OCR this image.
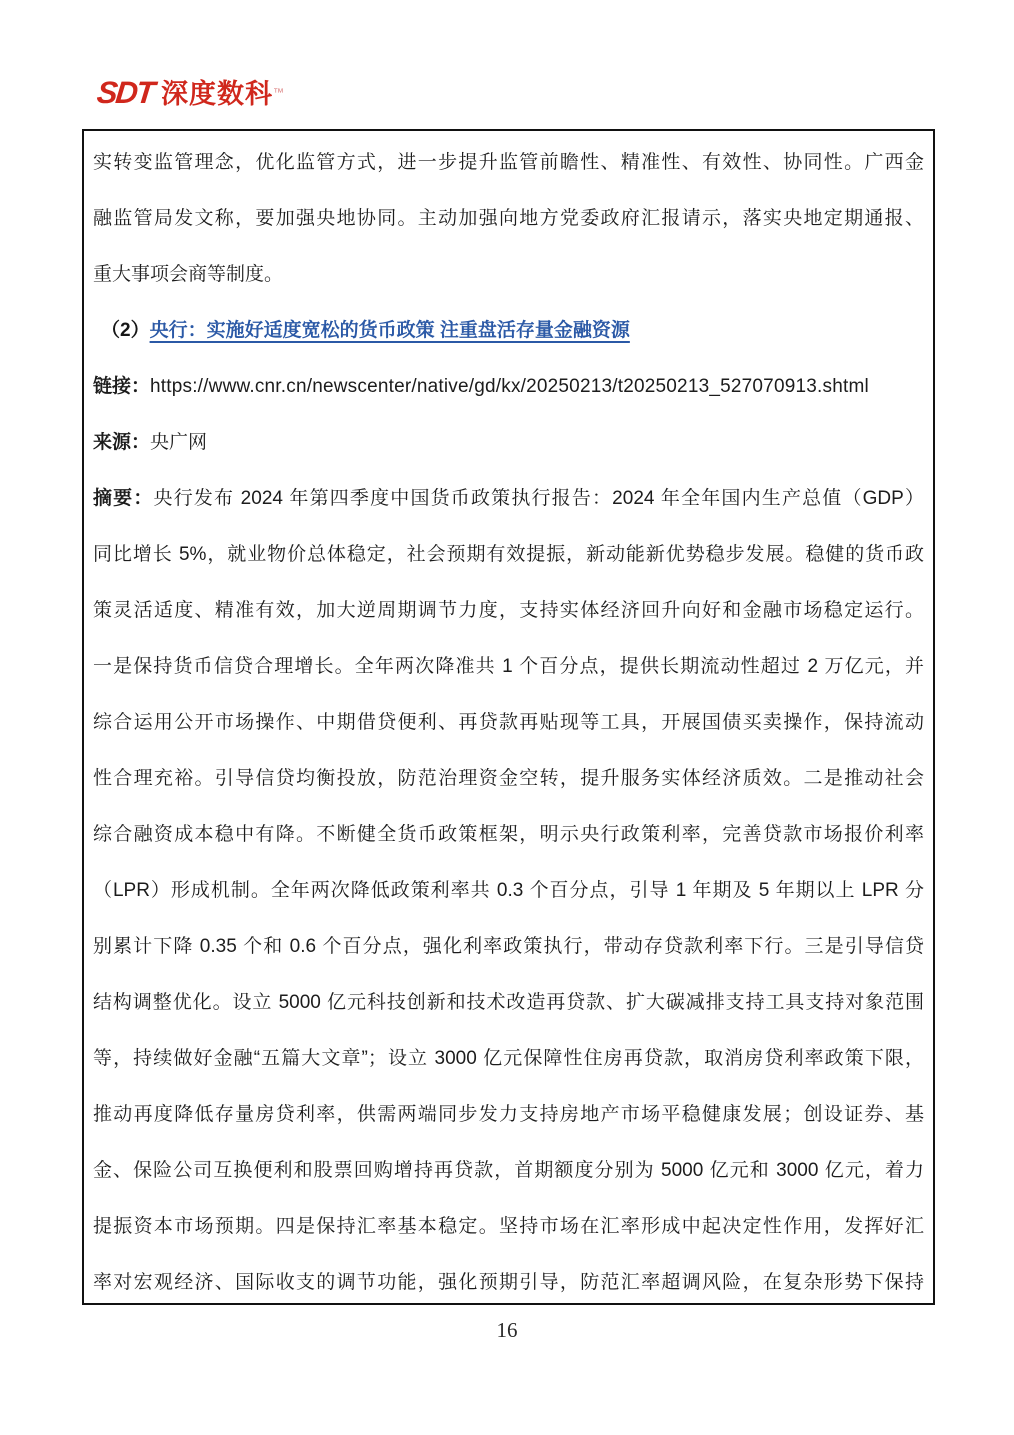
SDT 深度数科™

实转变监管理念，优化监管方式，进一步提升监管前瞻性、精准性、有效性、协同性。广西金

融监管局发文称，要加强央地协同。主动加强向地方党委政府汇报请示，落实央地定期通报、

重大事项会商等制度。

（2）央行：实施好适度宽松的货币政策 注重盘活存量金融资源

链接：https://www.cnr.cn/newscenter/native/gd/kx/20250213/t20250213_527070913.shtml

来源：央广网

摘要：央行发布 2024 年第四季度中国货币政策执行报告：2024 年全年国内生产总值（GDP）

同比增长 5%，就业物价总体稳定，社会预期有效提振，新动能新优势稳步发展。稳健的货币政

策灵活适度、精准有效，加大逆周期调节力度，支持实体经济回升向好和金融市场稳定运行。

一是保持货币信贷合理增长。全年两次降准共 1 个百分点，提供长期流动性超过 2 万亿元，并

综合运用公开市场操作、中期借贷便利、再贷款再贴现等工具，开展国债买卖操作，保持流动

性合理充裕。引导信贷均衡投放，防范治理资金空转，提升服务实体经济质效。二是推动社会

综合融资成本稳中有降。不断健全货币政策框架，明示央行政策利率，完善贷款市场报价利率

（LPR）形成机制。全年两次降低政策利率共 0.3 个百分点，引导 1 年期及 5 年期以上 LPR 分

别累计下降 0.35 个和 0.6 个百分点，强化利率政策执行，带动存贷款利率下行。三是引导信贷

结构调整优化。设立 5000 亿元科技创新和技术改造再贷款、扩大碳减排支持工具支持对象范围

等，持续做好金融“五篇大文章”；设立 3000 亿元保障性住房再贷款，取消房贷利率政策下限，

推动再度降低存量房贷利率，供需两端同步发力支持房地产市场平稳健康发展；创设证券、基

金、保险公司互换便利和股票回购增持再贷款，首期额度分别为 5000 亿元和 3000 亿元，着力

提振资本市场预期。四是保持汇率基本稳定。坚持市场在汇率形成中起决定性作用，发挥好汇

率对宏观经济、国际收支的调节功能，强化预期引导，防范汇率超调风险，在复杂形势下保持

16
